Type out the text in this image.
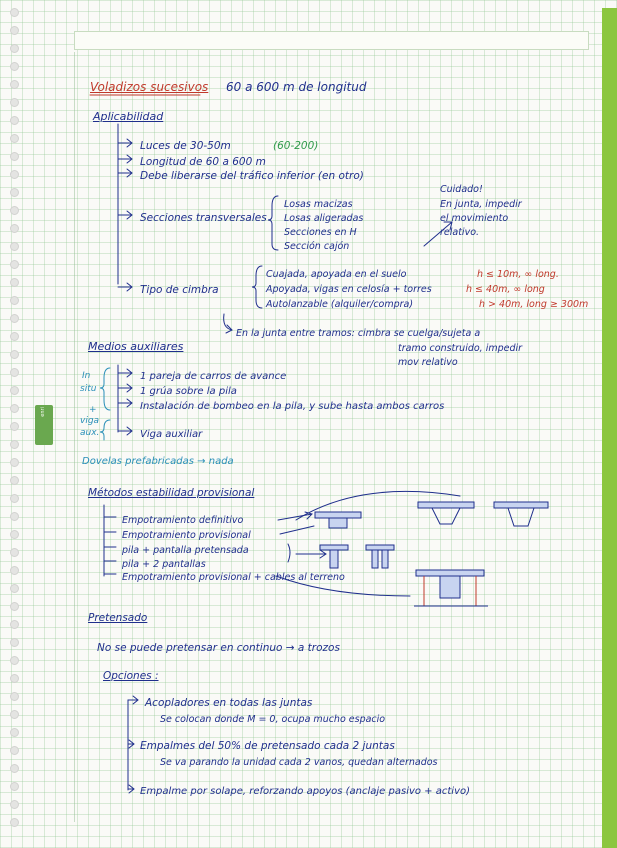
enri
Voladizos sucesivos 60 a 600 m de longitud
Aplicabilidad
Luces de 30-50m	(60-200)
Longitud de 60 a 600 m
Debe liberarse del tráfico inferior (en otro)
Secciones transversales
Losas macizas
Losas aligeradas
Secciones en H
Sección cajón
Cuidado!
En junta, impedir
el movimiento
relativo.
Tipo de cimbra
Cuajada, apoyada en el suelo
Apoyada, vigas en celosía + torres
Autolanzable (alquiler/compra)
h ≤ 10m, ∞ long.
h ≤ 40m, ∞ long
h > 40m, long ≥ 300m
En la junta entre tramos: cimbra se cuelga/sujeta a
tramo construido, impedir
mov relativo
Medios auxiliares
In
situ
+
viga
aux.
1 pareja de carros de avance
1 grúa sobre la pila
Instalación de bombeo en la pila, y sube hasta ambos carros
Viga auxiliar
Dovelas prefabricadas → nada
Métodos estabilidad provisional
Empotramiento definitivo
Empotramiento provisional
pila + pantalla pretensada
pila + 2 pantallas
Empotramiento provisional + cables al terreno
Pretensado
No se puede pretensar en continuo → a trozos
Opciones :
Acopladores en todas las juntas
Se colocan donde M = 0, ocupa mucho espacio
Empalmes del 50% de pretensado cada 2 juntas
Se va parando la unidad cada 2 vanos, quedan alternados
Empalme por solape, reforzando apoyos (anclaje pasivo + activo)
